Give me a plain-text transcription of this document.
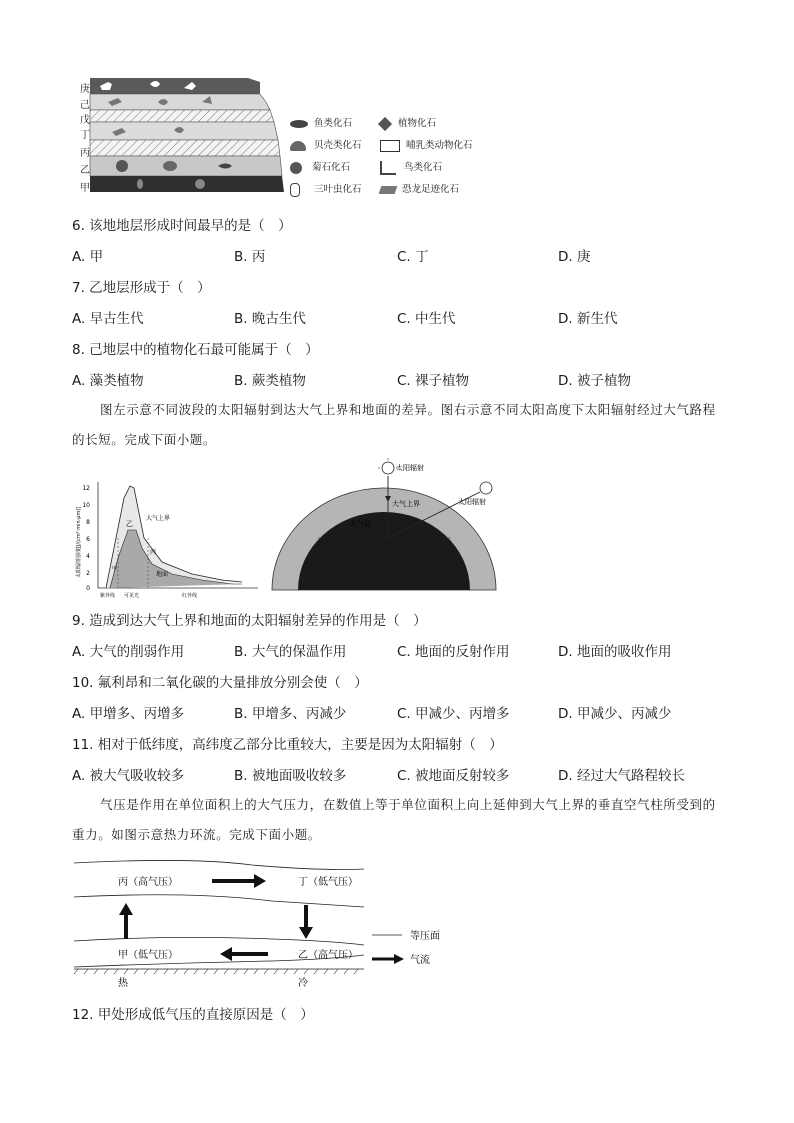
庚
己
戊
丁
丙
乙
甲
鱼类化石	植物化石
贝壳类化石	哺乳类动物化石
菊石化石	鸟类化石
三叶虫化石	恐龙足迹化石
6. 该地地层形成时间最早的是（　）
A. 甲	B. 丙	C. 丁	D. 庚
7. 乙地层形成于（　）
A. 早古生代	B. 晚古生代	C. 中生代	D. 新生代
8. 己地层中的植物化石最可能属于（　）
A. 藻类植物	B. 蕨类植物	C. 裸子植物	D. 被子植物
图左示意不同波段的太阳辐射到达大气上界和地面的差异。图右示意不同太阳高度下太阳辐射经过大气路程的长短。完成下面小题。
12
10
8
6
4
2
0
太阳辐射强度[J/(cm²·min·μm)]	乙
甲
丙
大气上界
地面
紫外线 可见光	红外线
太阳辐射
太阳辐射
大气上界
大气层
9. 造成到达大气上界和地面的太阳辐射差异的作用是（　）
A. 大气的削弱作用	B. 大气的保温作用	C. 地面的反射作用	D. 地面的吸收作用
10. 氟利昂和二氧化碳的大量排放分别会使（　）
A. 甲增多、丙增多	B. 甲增多、丙减少	C. 甲减少、丙增多	D. 甲减少、丙减少
11. 相对于低纬度，高纬度乙部分比重较大，主要是因为太阳辐射（　）
A. 被大气吸收较多	B. 被地面吸收较多	C. 被地面反射较多	D. 经过大气路程较长
气压是作用在单位面积上的大气压力，在数值上等于单位面积上向上延伸到大气上界的垂直空气柱所受到的重力。如图示意热力环流。完成下面小题。
丙（高气压）	丁（低气压）
甲（低气压）	乙（高气压）
热	冷
等压面
气流
12. 甲处形成低气压的直接原因是（　）
